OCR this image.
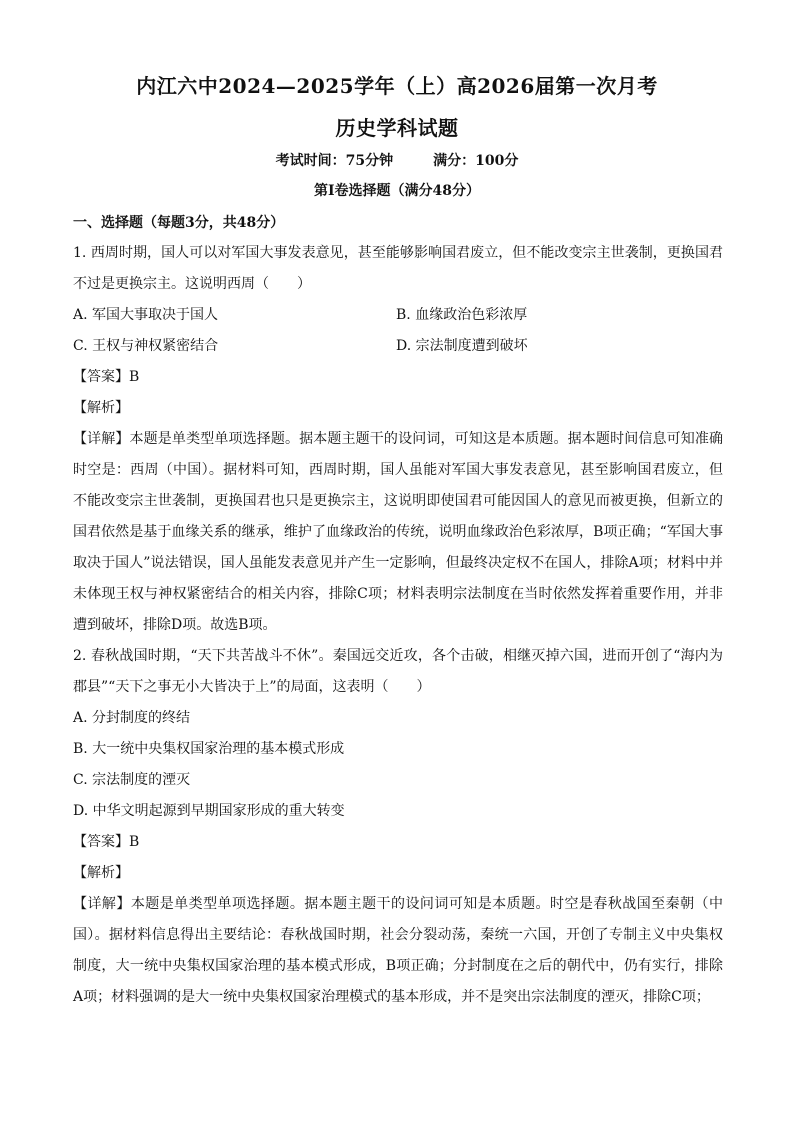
内江六中2024—2025学年（上）高2026届第一次月考
历史学科试题
考试时间：75分钟	满分：100分
第Ⅰ卷选择题（满分48分）
一、选择题（每题3分，共48分）

1. 西周时期，国人可以对军国大事发表意见，甚至能够影响国君废立，但不能改变宗主世袭制，更换国君不过是更换宗主。这说明西周（　　）

A. 军国大事取决于国人	B. 血缘政治色彩浓厚
C. 王权与神权紧密结合	D. 宗法制度遭到破坏

【答案】B

【解析】

【详解】本题是单类型单项选择题。据本题主题干的设问词，可知这是本质题。据本题时间信息可知准确时空是：西周（中国）。据材料可知，西周时期，国人虽能对军国大事发表意见，甚至影响国君废立，但不能改变宗主世袭制，更换国君也只是更换宗主，这说明即使国君可能因国人的意见而被更换，但新立的国君依然是基于血缘关系的继承，维护了血缘政治的传统，说明血缘政治色彩浓厚，B项正确；“军国大事取决于国人”说法错误，国人虽能发表意见并产生一定影响，但最终决定权不在国人，排除A项；材料中并未体现王权与神权紧密结合的相关内容，排除C项；材料表明宗法制度在当时依然发挥着重要作用，并非遭到破坏，排除D项。故选B项。

2. 春秋战国时期，“天下共苦战斗不休”。秦国远交近攻，各个击破，相继灭掉六国，进而开创了“海内为郡县”“天下之事无小大皆决于上”的局面，这表明（　　）

A. 分封制度的终结

B. 大一统中央集权国家治理的基本模式形成

C. 宗法制度的湮灭

D. 中华文明起源到早期国家形成的重大转变

【答案】B

【解析】

【详解】本题是单类型单项选择题。据本题主题干的设问词可知是本质题。时空是春秋战国至秦朝（中国）。据材料信息得出主要结论：春秋战国时期，社会分裂动荡，秦统一六国，开创了专制主义中央集权制度，大一统中央集权国家治理的基本模式形成，B项正确；分封制度在之后的朝代中，仍有实行，排除A项；材料强调的是大一统中央集权国家治理模式的基本形成，并不是突出宗法制度的湮灭，排除C项；
